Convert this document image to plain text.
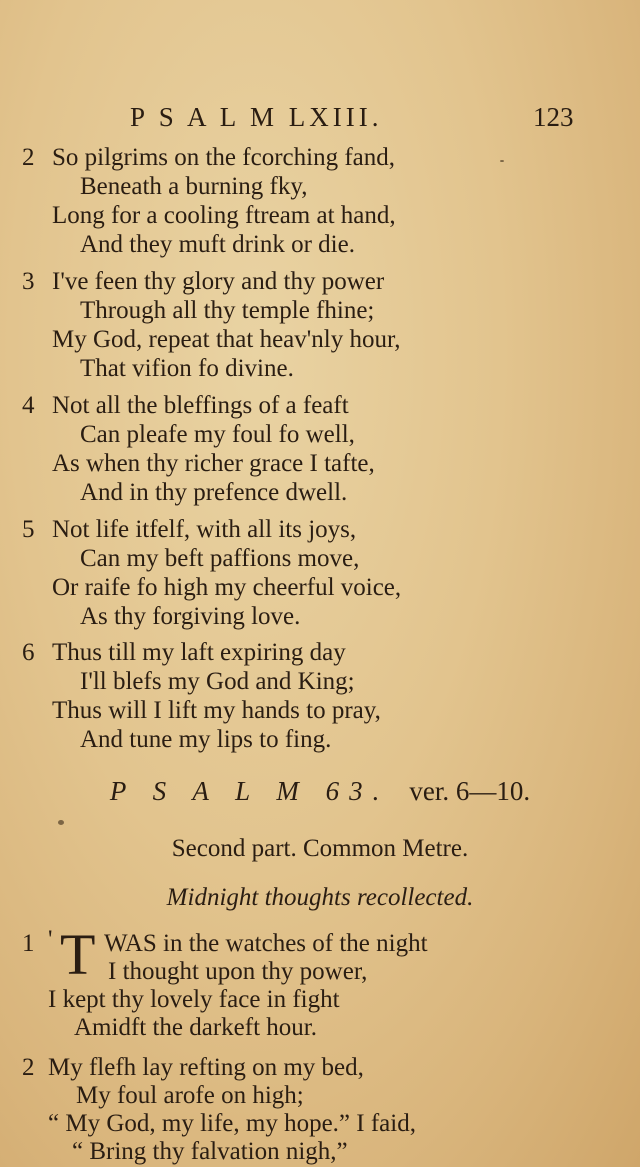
P S A L M LXIII.	123
2 So pilgrims on the fcorching fand,
Beneath a burning fky,
Long for a cooling ftream at hand,
And they muft drink or die.
3 I've feen thy glory and thy power
Through all thy temple fhine;
My God, repeat that heav'nly hour,
That vifion fo divine.
4 Not all the bleffings of a feaft
Can pleafe my foul fo well,
As when thy richer grace I tafte,
And in thy prefence dwell.
5 Not life itfelf, with all its joys,
Can my beft paffions move,
Or raife fo high my cheerful voice,
As thy forgiving love.
6 Thus till my laft expiring day
I'll blefs my God and King;
Thus will I lift my hands to pray,
And tune my lips to fing.
P S A L M 63. ver. 6—10.
Second part. Common Metre.
Midnight thoughts recollected.
1 ' T WAS in the watches of the night
I thought upon thy power,
I kept thy lovely face in fight
Amidft the darkeft hour.
2 My flefh lay refting on my bed,
My foul arofe on high;
“ My God, my life, my hope.” I faid,
“ Bring thy falvation nigh,”
